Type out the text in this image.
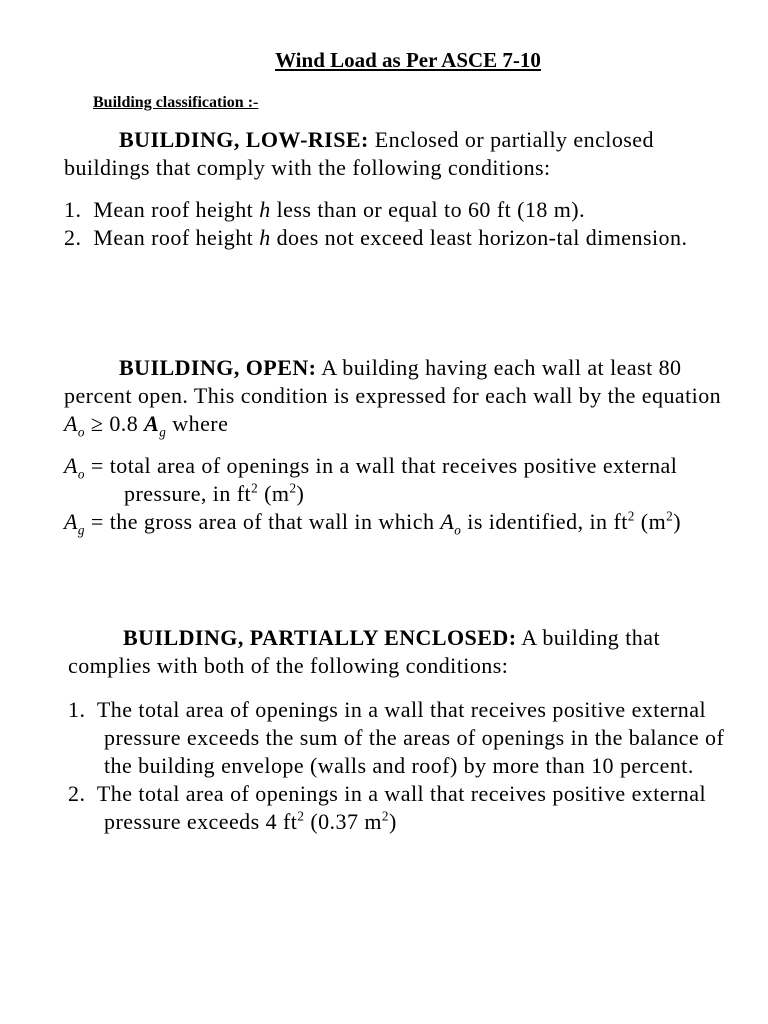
Wind Load as Per ASCE 7-10
Building classification :-

BUILDING, LOW-RISE: Enclosed or partially enclosed buildings that comply with the following conditions:

1. Mean roof height h less than or equal to 60 ft (18 m).

2. Mean roof height h does not exceed least horizon-tal dimension.

BUILDING, OPEN: A building having each wall at least 80 percent open. This condition is expressed for each wall by the equation $A_o \ge 0.8$ $A_g$ where

$A_o$ = total area of openings in a wall that receives positive external pressure, in $ft^2$ $(m^2)$

$A_g$ = the gross area of that wall in which $A_o$ is identified, in $ft^2$ $(m^2)$

BUILDING, PARTIALLY ENCLOSED: A building that complies with both of the following conditions:

1. The total area of openings in a wall that receives positive external pressure exceeds the sum of the areas of openings in the balance of the building envelope (walls and roof) by more than 10 percent.

2. The total area of openings in a wall that receives positive external pressure exceeds 4 $ft^2$ (0.37 $m^2$)
